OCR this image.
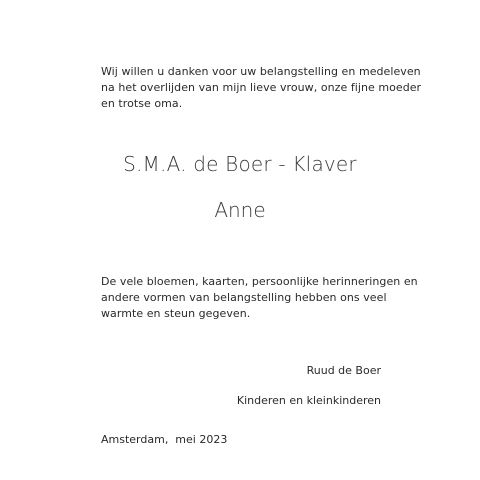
Wij willen u danken voor uw belangstelling en medeleven
na het overlijden van mijn lieve vrouw, onze fijne moeder
en trotse oma.

S.M.A. de Boer - Klaver
Anne

De vele bloemen, kaarten, persoonlijke herinneringen en
andere vormen van belangstelling hebben ons veel
warmte en steun gegeven.

Ruud de Boer
Kinderen en kleinkinderen
Amsterdam,  mei 2023
